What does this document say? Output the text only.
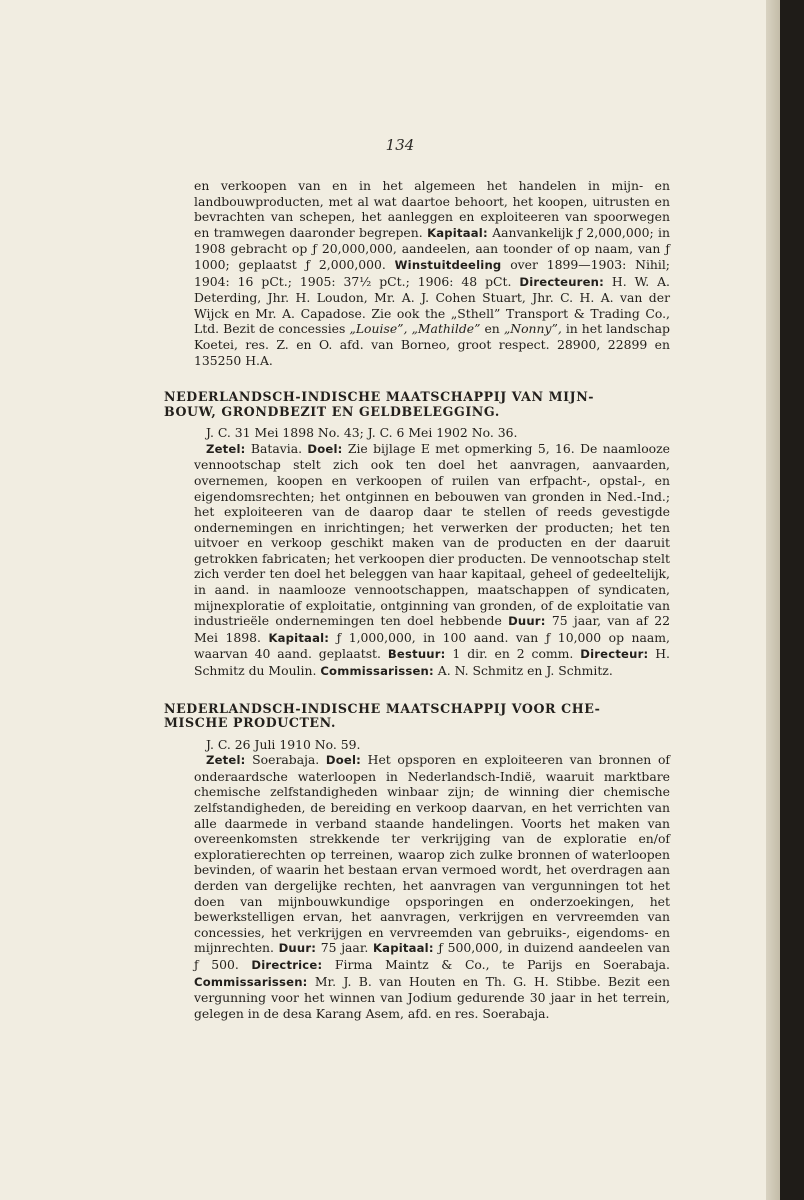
134

en verkoopen van en in het algemeen het handelen in mijn- en landbouwproducten, met al wat daartoe behoort, het koopen, uitrusten en bevrachten van schepen, het aanleggen en exploiteeren van spoorwegen en tramwegen daaronder begrepen. Kapitaal: Aanvankelijk ƒ 2,000,000; in 1908 gebracht op ƒ 20,000,000, aandeelen, aan toonder of op naam, van ƒ 1000; geplaatst ƒ 2,000,000. Winstuitdeeling over 1899—1903: Nihil; 1904: 16 pCt.; 1905: 37½ pCt.; 1906: 48 pCt. Directeuren: H. W. A. Deterding, Jhr. H. Loudon, Mr. A. J. Cohen Stuart, Jhr. C. H. A. van der Wijck en Mr. A. Capadose. Zie ook the „Sthell” Transport & Trading Co., Ltd. Bezit de concessies „Louise”, „Mathilde” en „Nonny”, in het landschap Koetei, res. Z. en O. afd. van Borneo, groot respect. 28900, 22899 en 135250 H.A.

NEDERLANDSCH-INDISCHE MAATSCHAPPIJ VAN MIJN-
BOUW, GRONDBEZIT EN GELDBELEGGING.

J. C. 31 Mei 1898 No. 43; J. C. 6 Mei 1902 No. 36.

Zetel: Batavia. Doel: Zie bijlage E met opmerking 5, 16. De naamlooze vennootschap stelt zich ook ten doel het aanvragen, aanvaarden, overnemen, koopen en verkoopen of ruilen van erfpacht-, opstal-, en eigendomsrechten; het ontginnen en bebouwen van gronden in Ned.-Ind.; het exploiteeren van de daarop daar te stellen of reeds gevestigde ondernemingen en inrichtingen; het verwerken der producten; het ten uitvoer en verkoop geschikt maken van de producten en der daaruit getrokken fabricaten; het verkoopen dier producten. De vennootschap stelt zich verder ten doel het beleggen van haar kapitaal, geheel of gedeeltelijk, in aand. in naamlooze vennootschappen, maatschappen of syndicaten, mijnexploratie of exploitatie, ontginning van gronden, of de exploitatie van industrieële ondernemingen ten doel hebbende Duur: 75 jaar, van af 22 Mei 1898. Kapitaal: ƒ 1,000,000, in 100 aand. van ƒ 10,000 op naam, waarvan 40 aand. geplaatst. Bestuur: 1 dir. en 2 comm. Directeur: H. Schmitz du Moulin. Commissarissen: A. N. Schmitz en J. Schmitz.

NEDERLANDSCH-INDISCHE MAATSCHAPPIJ VOOR CHE-
MISCHE PRODUCTEN.

J. C. 26 Juli 1910 No. 59.

Zetel: Soerabaja. Doel: Het opsporen en exploiteeren van bronnen of onderaardsche waterloopen in Nederlandsch-Indië, waaruit marktbare chemische zelfstandigheden winbaar zijn; de winning dier chemische zelfstandigheden, de bereiding en verkoop daarvan, en het verrichten van alle daarmede in verband staande handelingen. Voorts het maken van overeenkomsten strekkende ter verkrijging van de exploratie en/of exploratierechten op terreinen, waarop zich zulke bronnen of waterloopen bevinden, of waarin het bestaan ervan vermoed wordt, het overdragen aan derden van dergelijke rechten, het aanvragen van vergunningen tot het doen van mijnbouwkundige opsporingen en onderzoekingen, het bewerkstelligen ervan, het aanvragen, verkrijgen en vervreemden van concessies, het verkrijgen en vervreemden van gebruiks-, eigendoms- en mijnrechten. Duur: 75 jaar. Kapitaal: ƒ 500,000, in duizend aandeelen van ƒ 500. Directrice: Firma Maintz & Co., te Parijs en Soerabaja. Commissarissen: Mr. J. B. van Houten en Th. G. H. Stibbe. Bezit een vergunning voor het winnen van Jodium gedurende 30 jaar in het terrein, gelegen in de desa Karang Asem, afd. en res. Soerabaja.
